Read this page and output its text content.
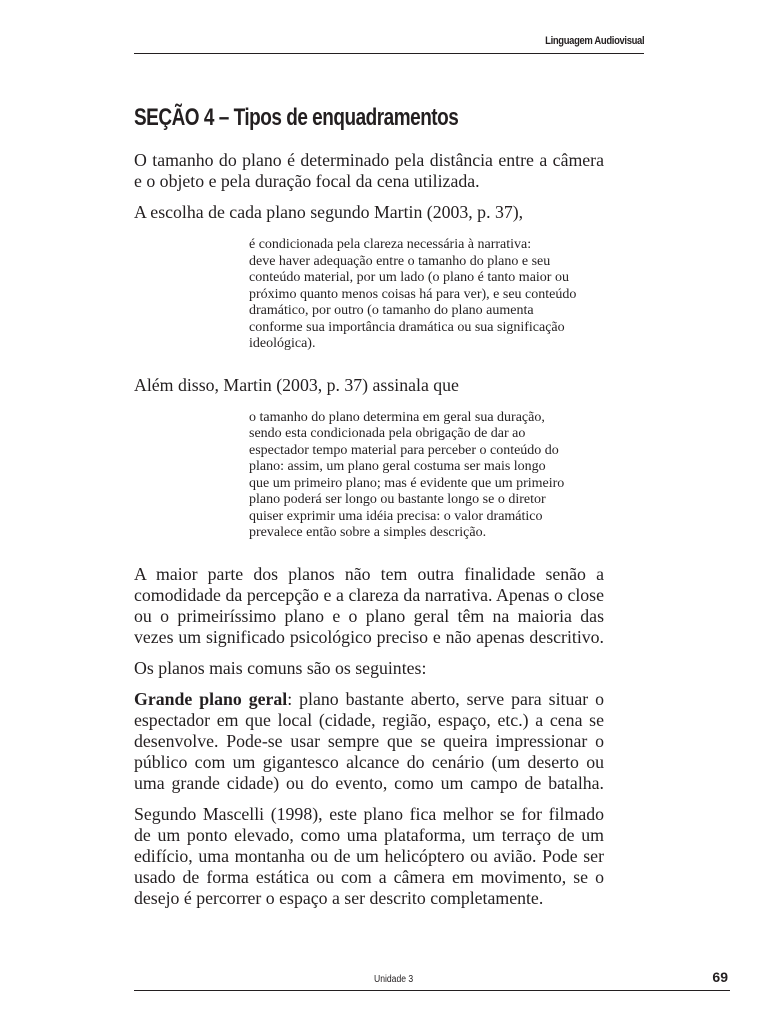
Linguagem Audiovisual
SEÇÃO 4 – Tipos de enquadramentos

O tamanho do plano é determinado pela distância entre a câmera
e o objeto e pela duração focal da cena utilizada.

A escolha de cada plano segundo Martin (2003, p. 37),

é condicionada pela clareza necessária à narrativa:
deve haver adequação entre o tamanho do plano e seu
conteúdo material, por um lado (o plano é tanto maior ou
próximo quanto menos coisas há para ver), e seu conteúdo
dramático, por outro (o tamanho do plano aumenta
conforme sua importância dramática ou sua significação
ideológica).

Além disso, Martin (2003, p. 37) assinala que

o tamanho do plano determina em geral sua duração,
sendo esta condicionada pela obrigação de dar ao
espectador tempo material para perceber o conteúdo do
plano: assim, um plano geral costuma ser mais longo
que um primeiro plano; mas é evidente que um primeiro
plano poderá ser longo ou bastante longo se o diretor
quiser exprimir uma idéia precisa: o valor dramático
prevalece então sobre a simples descrição.

A maior parte dos planos não tem outra finalidade senão a
comodidade da percepção e a clareza da narrativa. Apenas o close
ou o primeiríssimo plano e o plano geral têm na maioria das
vezes um significado psicológico preciso e não apenas descritivo.

Os planos mais comuns são os seguintes:

Grande plano geral: plano bastante aberto, serve para situar o
espectador em que local (cidade, região, espaço, etc.) a cena se
desenvolve. Pode-se usar sempre que se queira impressionar o
público com um gigantesco alcance do cenário (um deserto ou
uma grande cidade) ou do evento, como um campo de batalha.

Segundo Mascelli (1998), este plano fica melhor se for filmado
de um ponto elevado, como uma plataforma, um terraço de um
edifício, uma montanha ou de um helicóptero ou avião. Pode ser
usado de forma estática ou com a câmera em movimento, se o
desejo é percorrer o espaço a ser descrito completamente.

Unidade 3	69
